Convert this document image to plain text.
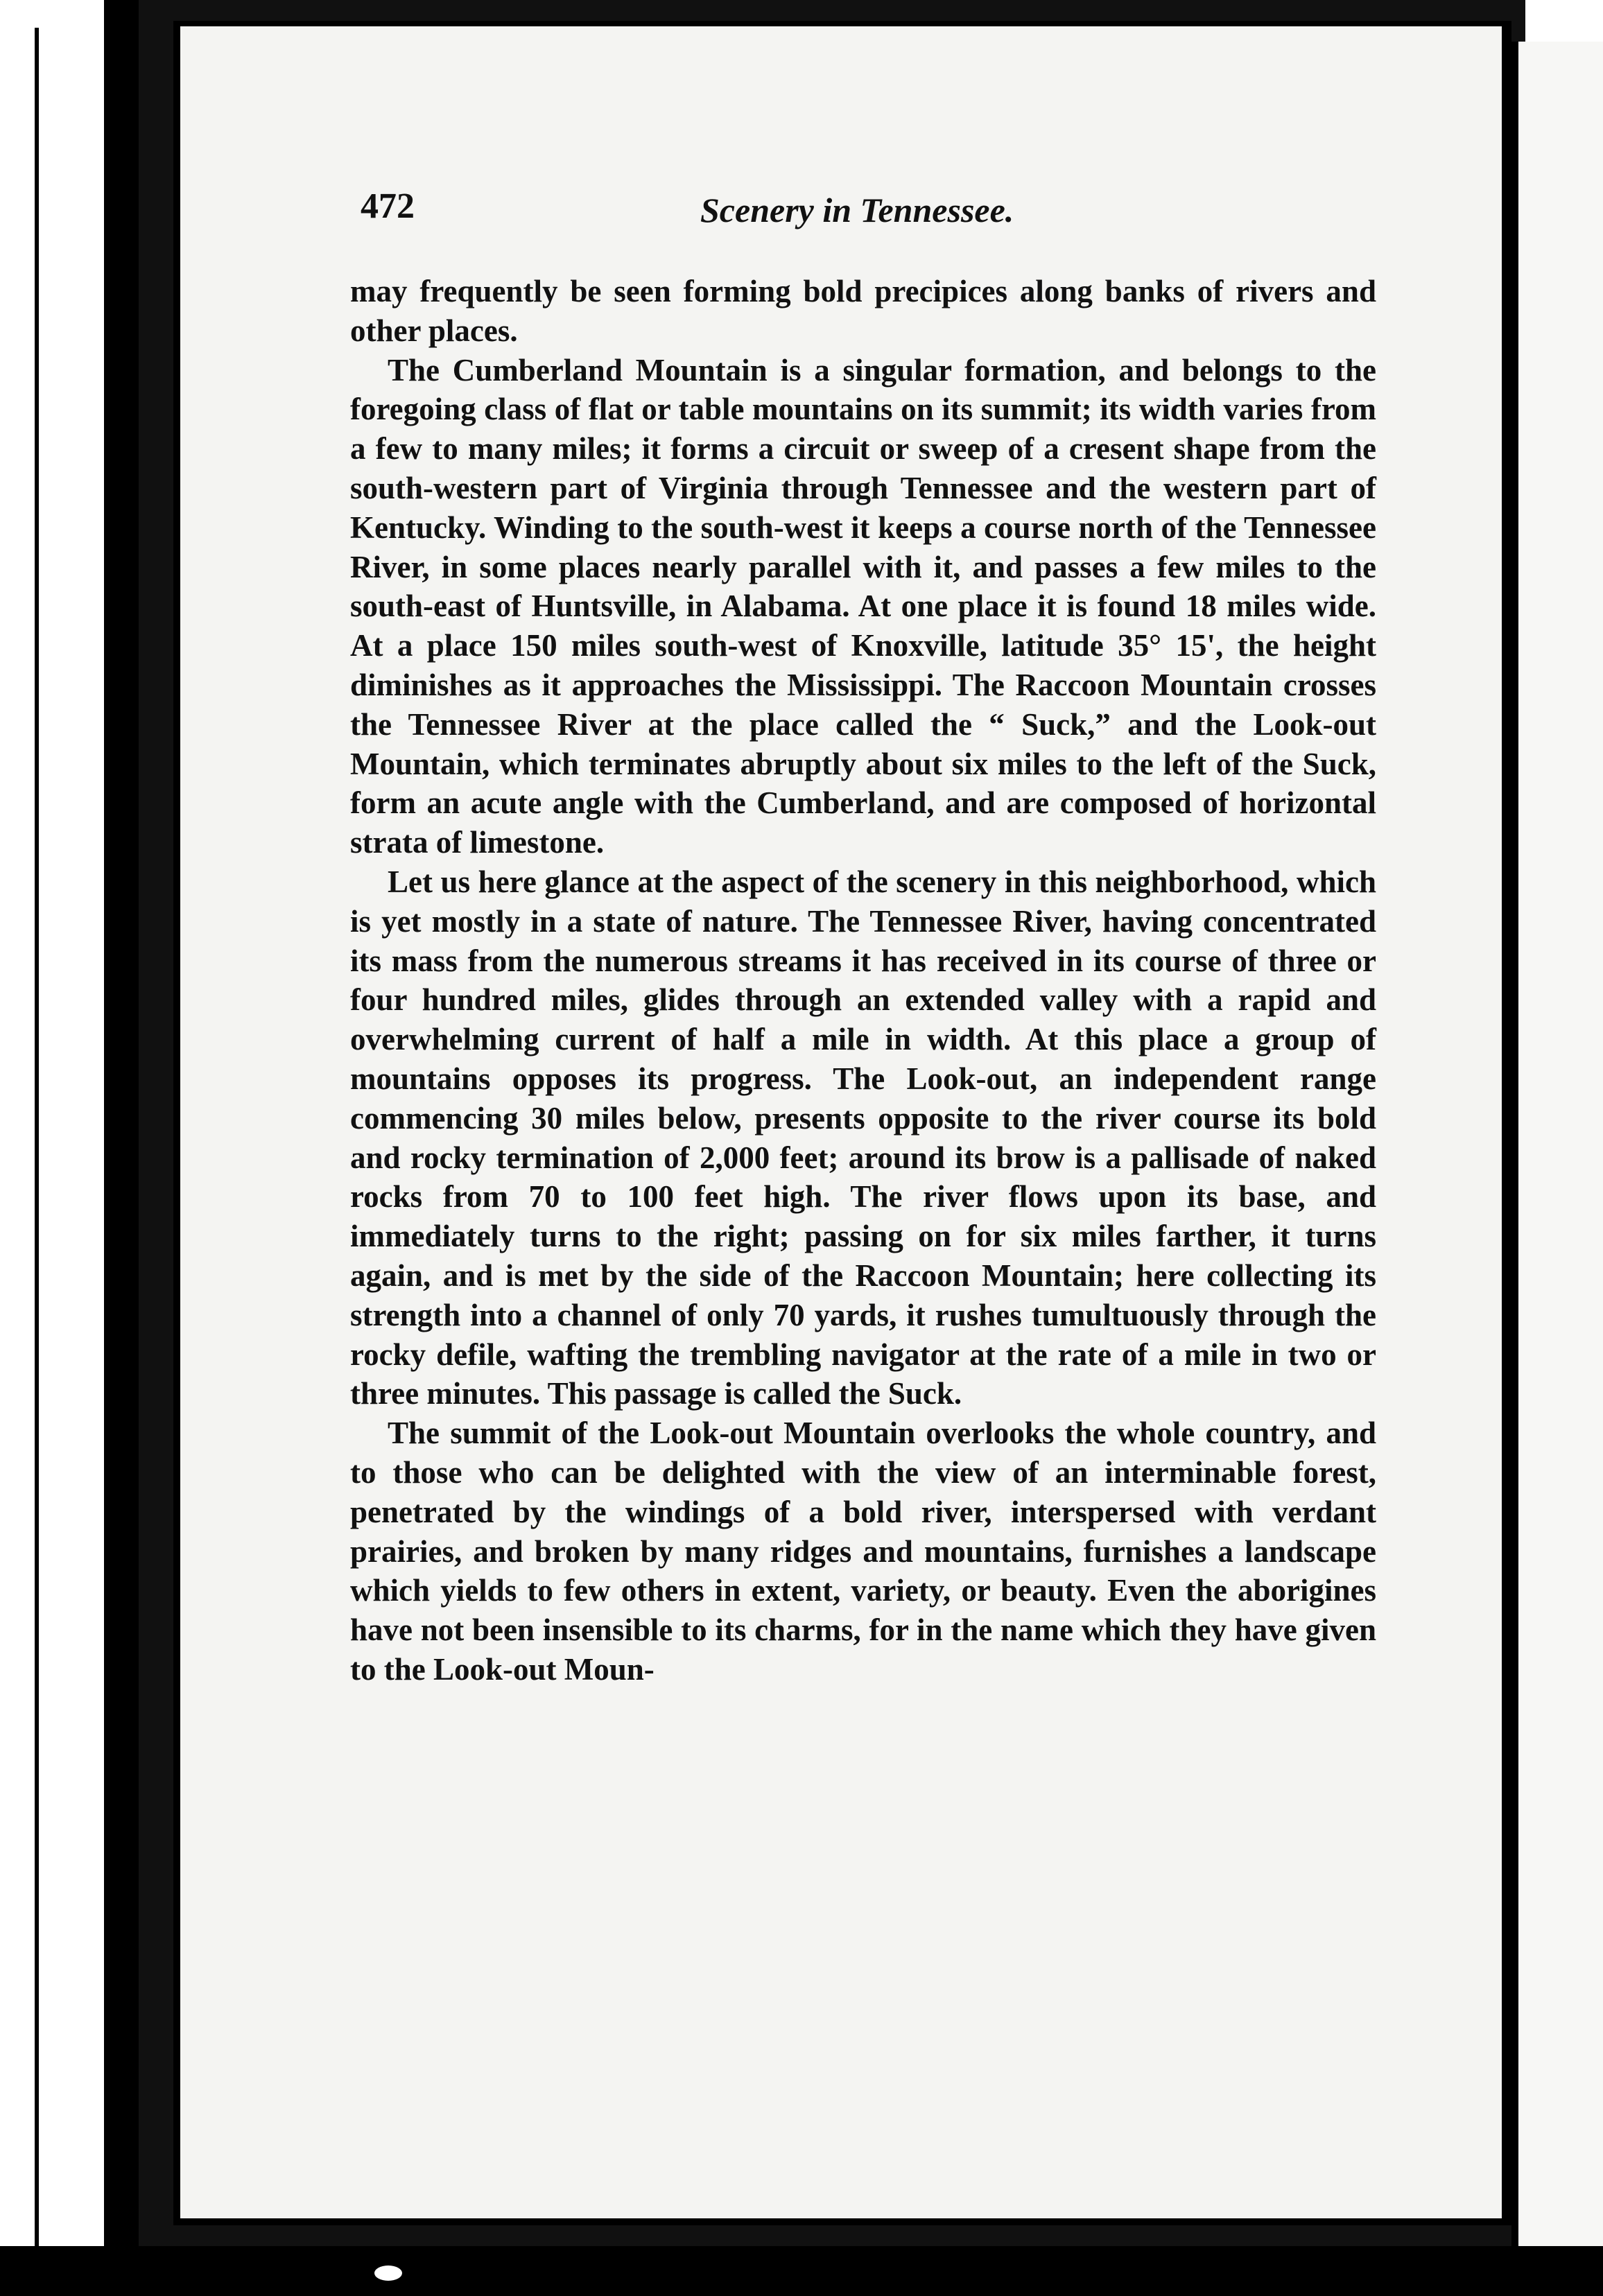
472	Scenery in Tennessee.

may frequently be seen forming bold precipices along banks of rivers and other places.

The Cumberland Mountain is a singular formation, and belongs to the foregoing class of flat or table mountains on its summit; its width varies from a few to many miles; it forms a circuit or sweep of a cresent shape from the south-western part of Virginia through Tennessee and the western part of Kentucky. Winding to the south-west it keeps a course north of the Tennessee River, in some places nearly parallel with it, and passes a few miles to the south-east of Huntsville, in Alabama. At one place it is found 18 miles wide. At a place 150 miles south-west of Knoxville, latitude 35° 15', the height diminishes as it approaches the Mississippi. The Raccoon Mountain crosses the Tennessee River at the place called the “ Suck,” and the Look-out Mountain, which terminates abruptly about six miles to the left of the Suck, form an acute angle with the Cumberland, and are composed of horizontal strata of limestone.

Let us here glance at the aspect of the scenery in this neighborhood, which is yet mostly in a state of nature. The Tennessee River, having concentrated its mass from the numerous streams it has received in its course of three or four hundred miles, glides through an extended valley with a rapid and overwhelming current of half a mile in width. At this place a group of mountains opposes its progress. The Look-out, an independent range commencing 30 miles below, presents opposite to the river course its bold and rocky termination of 2,000 feet; around its brow is a pallisade of naked rocks from 70 to 100 feet high. The river flows upon its base, and immediately turns to the right; passing on for six miles farther, it turns again, and is met by the side of the Raccoon Mountain; here collecting its strength into a channel of only 70 yards, it rushes tumultuously through the rocky defile, wafting the trembling navigator at the rate of a mile in two or three minutes. This passage is called the Suck.

The summit of the Look-out Mountain overlooks the whole country, and to those who can be delighted with the view of an interminable forest, penetrated by the windings of a bold river, interspersed with verdant prairies, and broken by many ridges and mountains, furnishes a landscape which yields to few others in extent, variety, or beauty. Even the aborigines have not been insensible to its charms, for in the name which they have given to the Look-out Moun-
